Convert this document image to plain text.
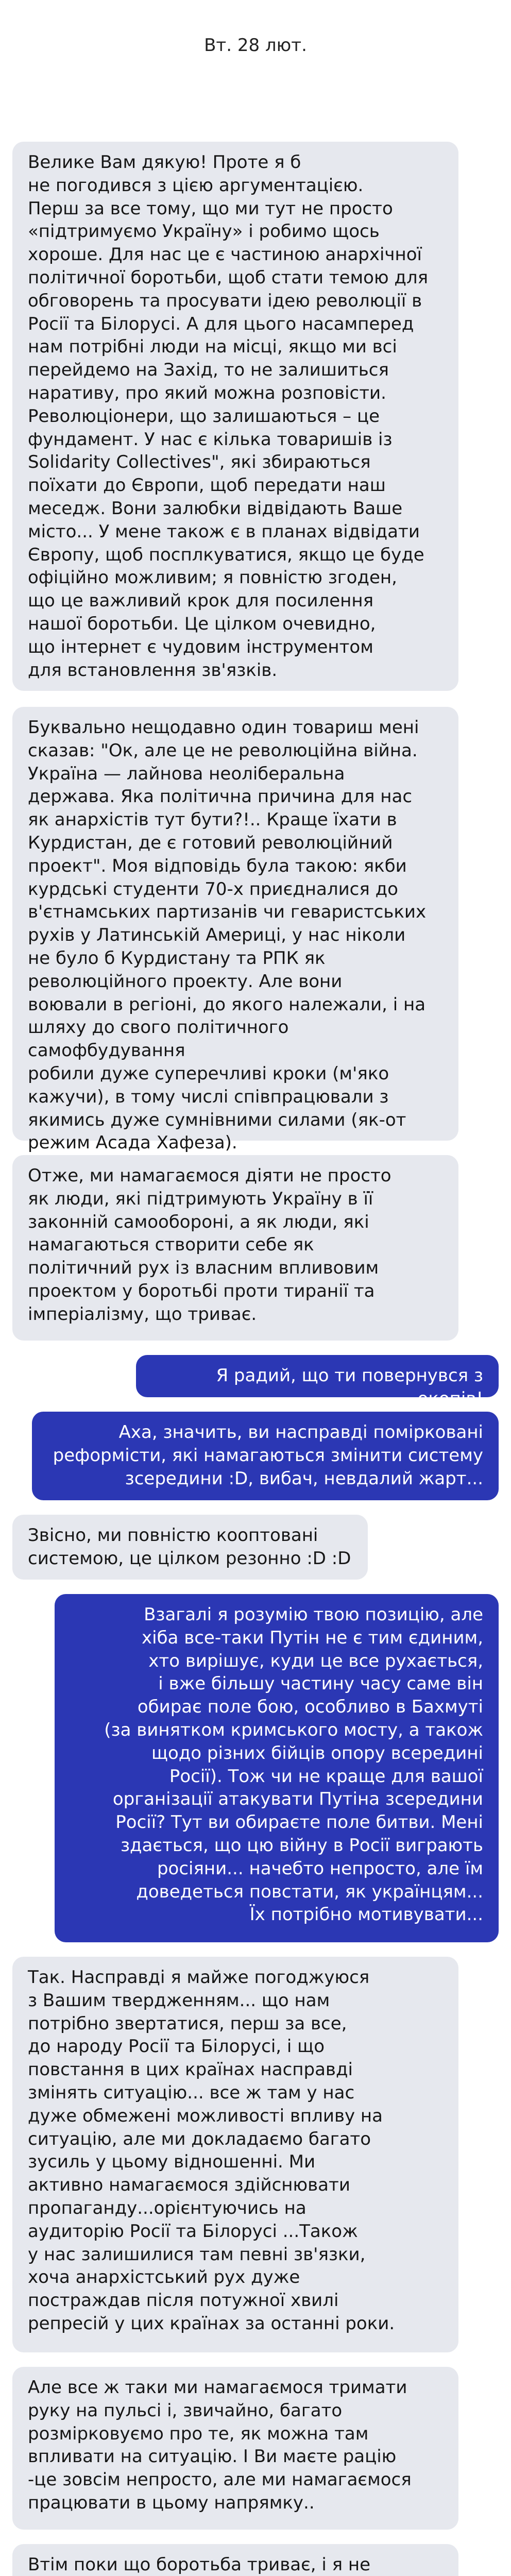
Вт. 28 лют.
Велике Вам дякую! Проте я б
не погодився з цією аргументацією.
Перш за все тому, що ми тут не просто
«підтримуємо Україну» і робимо щось
хороше. Для нас це є частиною анархічної
політичної боротьби, щоб стати темою для
обговорень та просувати ідею революції в
Росії та Білорусі. А для цього насамперед
нам потрібні люди на місці, якщо ми всі
перейдемо на Захід, то не залишиться
наративу, про який можна розповісти.
Революціонери, що залишаються – це
фундамент. У нас є кілька товаришів із
Solidarity Collectives", які збираються
поїхати до Європи, щоб передати наш
меседж. Вони залюбки відвідають Ваше
місто... У мене також є в планах відвідати
Європу, щоб посплкуватися, якщо це буде
офіційно можливим; я повністю згоден,
що це важливий крок для посилення
нашої боротьби. Це цілком очевидно,
що інтернет є чудовим інструментом
для встановлення зв'язків.
Буквально нещодавно один товариш мені
сказав: "Ок, але це не революційна війна.
Україна — лайнова неоліберальна
держава. Яка політична причина для нас
як анархістів тут бути?!.. Краще їхати в
Курдистан, де є готовий революційний
проект". Моя відповідь була такою: якби
курдські студенти 70-х приєдналися до
в'єтнамських партизанів чи геваристських
рухів у Латинській Америці, у нас ніколи
не було б Курдистану та РПК як
революційного проекту. Але вони
воювали в регіоні, до якого належали, і на
шляху до свого політичного самофбудування
робили дуже суперечливі кроки (м'яко
кажучи), в тому числі співпрацювали з
якимись дуже сумнівними силами (як-от
режим Асада Хафеза).
Отже, ми намагаємося діяти не просто
як люди, які підтримують Україну в її
законній самообороні, а як люди, які
намагаються створити себе як
політичний рух із власним впливовим
проектом у боротьбі проти тиранії та
імперіалізму, що триває.
Я радий, що ти повернувся з окопів!
Аха, значить, ви насправді поміркованi
реформісти, які намагаються змінити систему
зсередини :D, вибач, невдалий жарт...
Звісно, ми повністю кооптовані
системою, це цілком резонно :D :D
Взагалі я розумію твою позицію, але
хіба все-таки Путін не є тим єдиним,
хто вирішує, куди це все рухається,
і вже більшу частину часу саме він
обирає поле бою, особливо в Бахмуті
(за винятком кримського мосту, а також
щодо різних бійців опору всередині
Росії). Тож чи не краще для вашої
організації атакувати Путіна зсередини
Росії? Тут ви обираєте поле битви. Мені
здається, що цю війну в Росії виграють
росіяни... начебто непросто, але їм
доведеться повстати, як українцям...
Їх потрібно мотивувати...
Так. Насправді я майже погоджуюся
з Вашим твердженням... що нам
потрібно звертатися, перш за все,
до народу Росії та Білорусі, і що
повстання в цих країнах насправді
змінять ситуацію... все ж там у нас
дуже обмежені можливості впливу на
ситуацію, але ми докладаємо багато
зусиль у цьому відношенні. Ми
активно намагаємося здійснювати
пропаганду...орієнтуючись на
аудиторію Росії та Білорусі ...Також
у нас залишилися там певні зв'язки,
хоча анархістський рух дуже
постраждав після потужної хвилі
репресій у цих країнах за останні роки.
Але все ж таки ми намагаємося тримати
руку на пульсі і, звичайно, багато
розмірковуємо про те, як можна там
впливати на ситуацію. І Ви маєте рацію
-це зовсім непросто, але ми намагаємося
працювати в цьому напрямку..
Втім поки що боротьба триває, і я не
